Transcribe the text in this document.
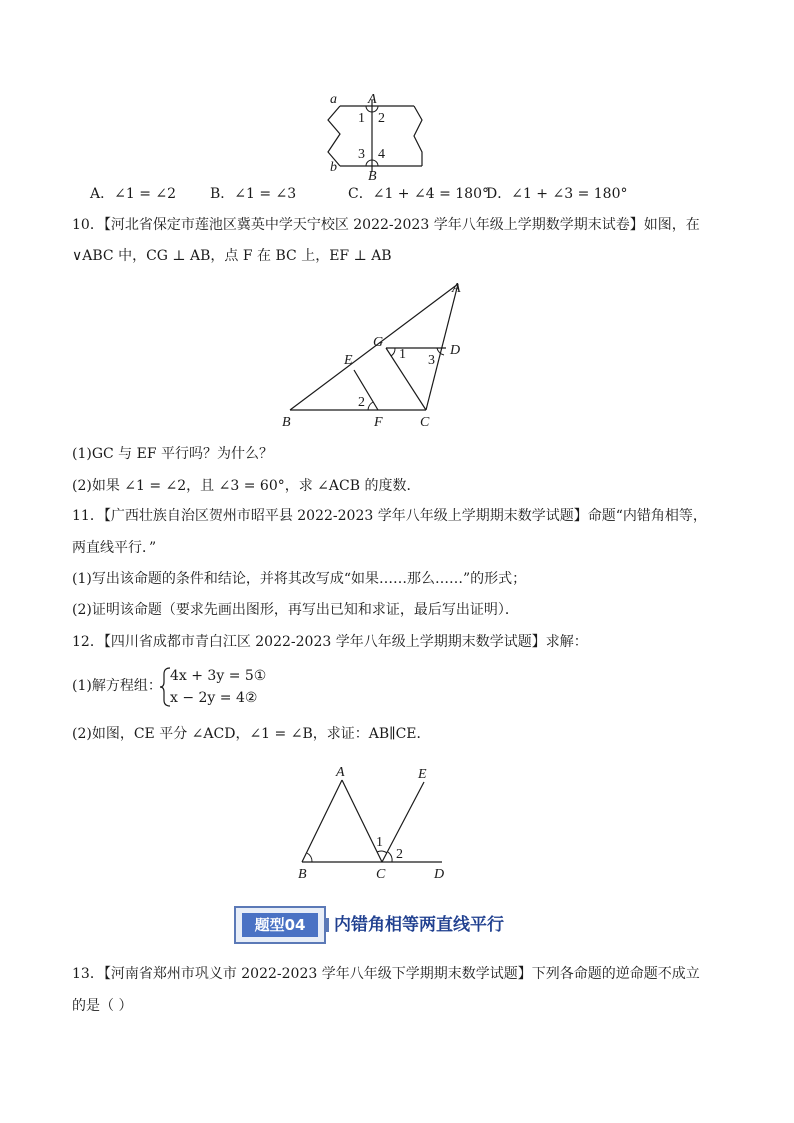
a A
b
B
1 2
3 4
A．∠1 = ∠2 B．∠1 = ∠3	C．∠1 + ∠4 = 180°
D．∠1 + ∠3 = 180°
10．【河北省保定市莲池区冀英中学天宁校区 2022-2023 学年八年级上学期数学期末试卷】如图，在
∨ABC 中，CG ⊥ AB，点 F 在 BC 上，EF ⊥ AB
A
G
D
E
B	F	C
1
2
3
(1)GC 与 EF 平行吗？为什么？
(2)如果 ∠1 = ∠2，且 ∠3 = 60°，求 ∠ACB 的度数．
11．【广西壮族自治区贺州市昭平县 2022-2023 学年八年级上学期期末数学试题】命题“内错角相等，
两直线平行．”
(1)写出该命题的条件和结论，并将其改写成“如果……那么……”的形式；
(2)证明该命题（要求先画出图形，再写出已知和求证，最后写出证明）．
12．【四川省成都市青白江区 2022-2023 学年八年级上学期期末数学试题】求解：
(1)解方程组：
4x + 3y = 5①
x − 2y = 4②
(2)如图，CE 平分 ∠ACD，∠1 = ∠B，求证：AB∥CE．
A	E
B	C	D
1
2
题型04	内错角相等两直线平行
13．【河南省郑州市巩义市 2022-2023 学年八年级下学期期末数学试题】下列各命题的逆命题不成立
的是（ ）
